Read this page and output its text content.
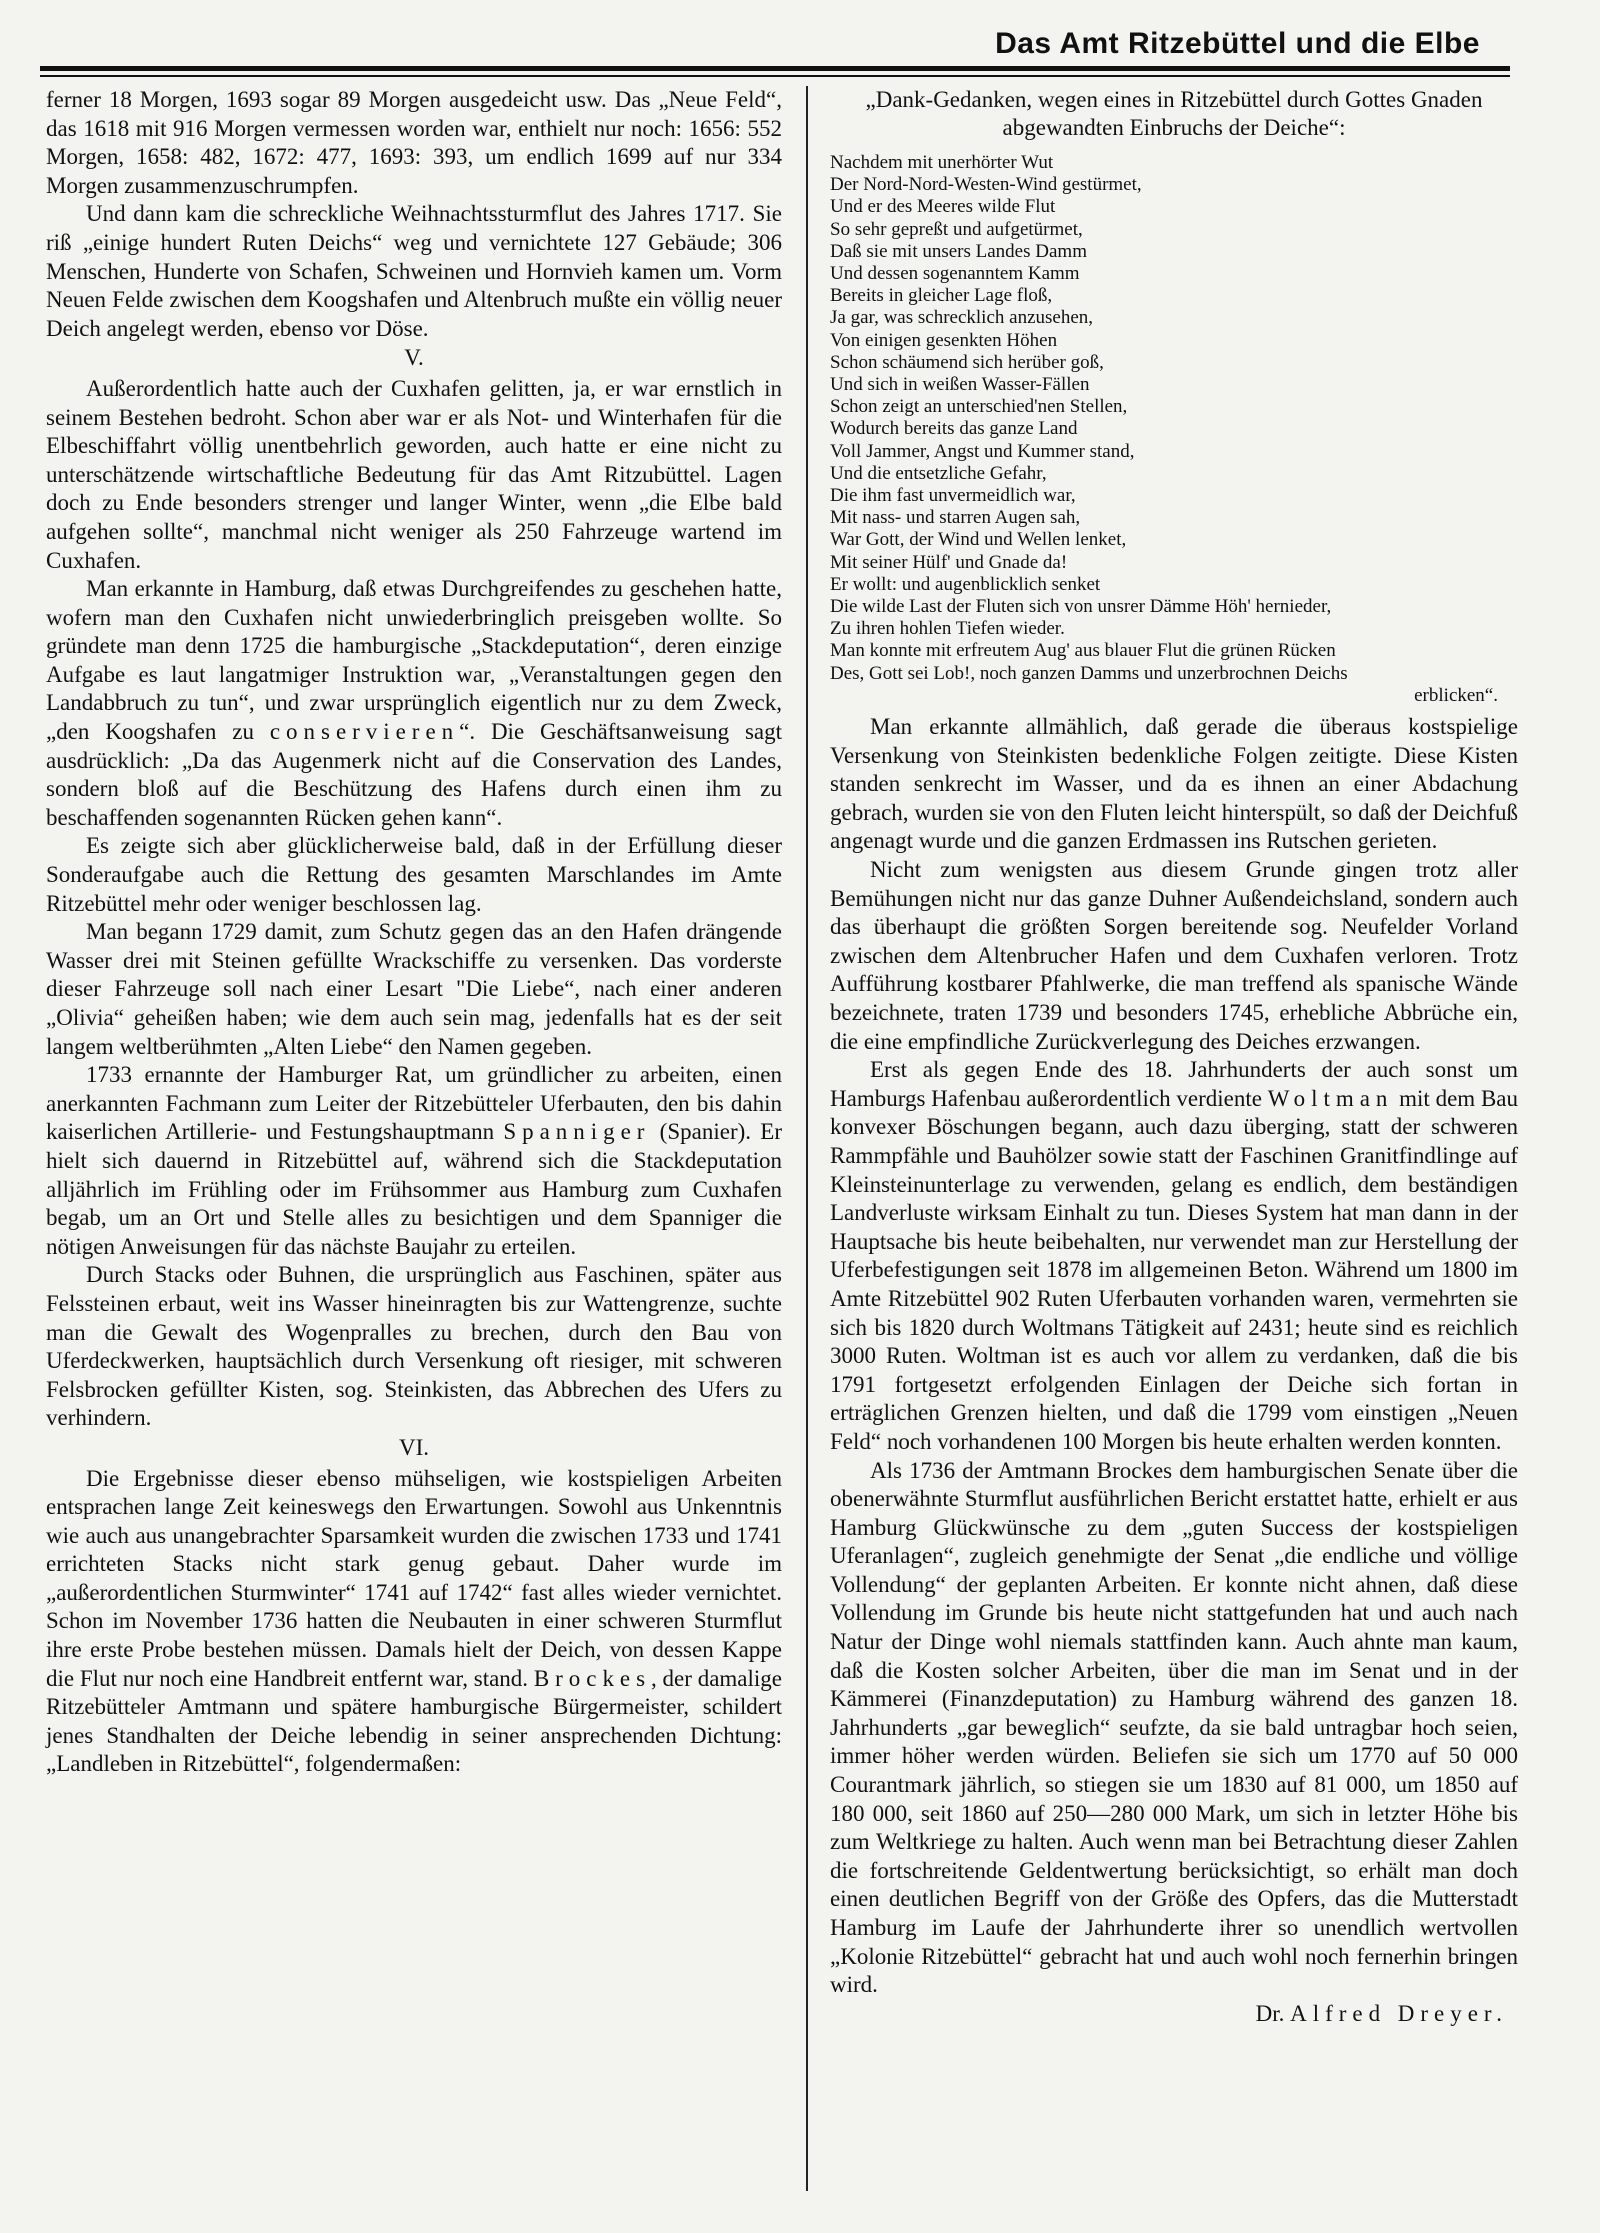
Das Amt Ritzebüttel und die Elbe

ferner 18 Morgen, 1693 sogar 89 Morgen ausgedeicht usw. Das „Neue Feld“, das 1618 mit 916 Morgen vermessen worden war, enthielt nur noch: 1656: 552 Morgen, 1658: 482, 1672: 477, 1693: 393, um endlich 1699 auf nur 334 Morgen zusammenzuschrumpfen.

Und dann kam die schreckliche Weihnachtssturmflut des Jahres 1717. Sie riß „einige hundert Ruten Deichs“ weg und vernichtete 127 Gebäude; 306 Menschen, Hunderte von Schafen, Schweinen und Hornvieh kamen um. Vorm Neuen Felde zwischen dem Koogshafen und Altenbruch mußte ein völlig neuer Deich angelegt werden, ebenso vor Döse.

V.

Außerordentlich hatte auch der Cuxhafen gelitten, ja, er war ernstlich in seinem Bestehen bedroht. Schon aber war er als Not- und Winterhafen für die Elbeschiffahrt völlig unentbehrlich geworden, auch hatte er eine nicht zu unterschätzende wirtschaftliche Bedeutung für das Amt Ritzubüttel. Lagen doch zu Ende besonders strenger und langer Winter, wenn „die Elbe bald aufgehen sollte“, manchmal nicht weniger als 250 Fahrzeuge wartend im Cuxhafen.

Man erkannte in Hamburg, daß etwas Durchgreifendes zu geschehen hatte, wofern man den Cuxhafen nicht unwiederbringlich preisgeben wollte. So gründete man denn 1725 die hamburgische „Stackdeputation“, deren einzige Aufgabe es laut langatmiger Instruktion war, „Veranstaltungen gegen den Landabbruch zu tun“, und zwar ursprünglich eigentlich nur zu dem Zweck, „den Koogshafen zu conservieren“. Die Geschäftsanweisung sagt ausdrücklich: „Da das Augenmerk nicht auf die Conservation des Landes, sondern bloß auf die Beschützung des Hafens durch einen ihm zu beschaffenden sogenannten Rücken gehen kann“.

Es zeigte sich aber glücklicherweise bald, daß in der Erfüllung dieser Sonderaufgabe auch die Rettung des gesamten Marschlandes im Amte Ritzebüttel mehr oder weniger beschlossen lag.

Man begann 1729 damit, zum Schutz gegen das an den Hafen drängende Wasser drei mit Steinen gefüllte Wrackschiffe zu versenken. Das vorderste dieser Fahrzeuge soll nach einer Lesart "Die Liebe“, nach einer anderen „Olivia“ geheißen haben; wie dem auch sein mag, jedenfalls hat es der seit langem weltberühmten „Alten Liebe“ den Namen gegeben.

1733 ernannte der Hamburger Rat, um gründlicher zu arbeiten, einen anerkannten Fachmann zum Leiter der Ritzebütteler Uferbauten, den bis dahin kaiserlichen Artillerie- und Festungshauptmann Spanniger (Spanier). Er hielt sich dauernd in Ritzebüttel auf, während sich die Stackdeputation alljährlich im Frühling oder im Frühsommer aus Hamburg zum Cuxhafen begab, um an Ort und Stelle alles zu besichtigen und dem Spanniger die nötigen Anweisungen für das nächste Baujahr zu erteilen.

Durch Stacks oder Buhnen, die ursprünglich aus Faschinen, später aus Felssteinen erbaut, weit ins Wasser hineinragten bis zur Wattengrenze, suchte man die Gewalt des Wogenpralles zu brechen, durch den Bau von Uferdeckwerken, hauptsächlich durch Versenkung oft riesiger, mit schweren Felsbrocken gefüllter Kisten, sog. Steinkisten, das Abbrechen des Ufers zu verhindern.

VI.

Die Ergebnisse dieser ebenso mühseligen, wie kostspieligen Arbeiten entsprachen lange Zeit keineswegs den Erwartungen. Sowohl aus Unkenntnis wie auch aus unangebrachter Sparsamkeit wurden die zwischen 1733 und 1741 errichteten Stacks nicht stark genug gebaut. Daher wurde im „außerordentlichen Sturmwinter“ 1741 auf 1742“ fast alles wieder vernichtet. Schon im November 1736 hatten die Neubauten in einer schweren Sturmflut ihre erste Probe bestehen müssen. Damals hielt der Deich, von dessen Kappe die Flut nur noch eine Handbreit entfernt war, stand. Brockes, der damalige Ritzebütteler Amtmann und spätere hamburgische Bürgermeister, schildert jenes Standhalten der Deiche lebendig in seiner ansprechenden Dichtung: „Landleben in Ritzebüttel“, folgendermaßen:

„Dank-Gedanken, wegen eines in Ritzebüttel durch Gottes Gnaden abgewandten Einbruchs der Deiche“:

Nachdem mit unerhörter Wut
Der Nord-Nord-Westen-Wind gestürmet,
Und er des Meeres wilde Flut
So sehr gepreßt und aufgetürmet,
Daß sie mit unsers Landes Damm
Und dessen sogenanntem Kamm
Bereits in gleicher Lage floß,
Ja gar, was schrecklich anzusehen,
Von einigen gesenkten Höhen
Schon schäumend sich herüber goß,
Und sich in weißen Wasser-Fällen
Schon zeigt an unterschied'nen Stellen,
Wodurch bereits das ganze Land
Voll Jammer, Angst und Kummer stand,
Und die entsetzliche Gefahr,
Die ihm fast unvermeidlich war,
Mit nass- und starren Augen sah,
War Gott, der Wind und Wellen lenket,
Mit seiner Hülf' und Gnade da!
Er wollt: und augenblicklich senket
Die wilde Last der Fluten sich von unsrer Dämme Höh' hernieder,
Zu ihren hohlen Tiefen wieder.
Man konnte mit erfreutem Aug' aus blauer Flut die grünen Rücken
Des, Gott sei Lob!, noch ganzen Damms und unzerbrochnen Deichs
erblicken“.

Man erkannte allmählich, daß gerade die überaus kostspielige Versenkung von Steinkisten bedenkliche Folgen zeitigte. Diese Kisten standen senkrecht im Wasser, und da es ihnen an einer Abdachung gebrach, wurden sie von den Fluten leicht hinterspült, so daß der Deichfuß angenagt wurde und die ganzen Erdmassen ins Rutschen gerieten.

Nicht zum wenigsten aus diesem Grunde gingen trotz aller Bemühungen nicht nur das ganze Duhner Außendeichsland, sondern auch das überhaupt die größten Sorgen bereitende sog. Neufelder Vorland zwischen dem Altenbrucher Hafen und dem Cuxhafen verloren. Trotz Aufführung kostbarer Pfahlwerke, die man treffend als spanische Wände bezeichnete, traten 1739 und besonders 1745, erhebliche Abbrüche ein, die eine empfindliche Zurückverlegung des Deiches erzwangen.

Erst als gegen Ende des 18. Jahrhunderts der auch sonst um Hamburgs Hafenbau außerordentlich verdiente Woltman mit dem Bau konvexer Böschungen begann, auch dazu überging, statt der schweren Rammpfähle und Bauhölzer sowie statt der Faschinen Granitfindlinge auf Kleinsteinunterlage zu verwenden, gelang es endlich, dem beständigen Landverluste wirksam Einhalt zu tun. Dieses System hat man dann in der Hauptsache bis heute beibehalten, nur verwendet man zur Herstellung der Uferbefestigungen seit 1878 im allgemeinen Beton. Während um 1800 im Amte Ritzebüttel 902 Ruten Uferbauten vorhanden waren, vermehrten sie sich bis 1820 durch Woltmans Tätigkeit auf 2431; heute sind es reichlich 3000 Ruten. Woltman ist es auch vor allem zu verdanken, daß die bis 1791 fortgesetzt erfolgenden Einlagen der Deiche sich fortan in erträglichen Grenzen hielten, und daß die 1799 vom einstigen „Neuen Feld“ noch vorhandenen 100 Morgen bis heute erhalten werden konnten.

Als 1736 der Amtmann Brockes dem hamburgischen Senate über die obenerwähnte Sturmflut ausführlichen Bericht erstattet hatte, erhielt er aus Hamburg Glückwünsche zu dem „guten Success der kostspieligen Uferanlagen“, zugleich genehmigte der Senat „die endliche und völlige Vollendung“ der geplanten Arbeiten. Er konnte nicht ahnen, daß diese Vollendung im Grunde bis heute nicht stattgefunden hat und auch nach Natur der Dinge wohl niemals stattfinden kann. Auch ahnte man kaum, daß die Kosten solcher Arbeiten, über die man im Senat und in der Kämmerei (Finanzdeputation) zu Hamburg während des ganzen 18. Jahrhunderts „gar beweglich“ seufzte, da sie bald untragbar hoch seien, immer höher werden würden. Beliefen sie sich um 1770 auf 50 000 Courantmark jährlich, so stiegen sie um 1830 auf 81 000, um 1850 auf 180 000, seit 1860 auf 250—280 000 Mark, um sich in letzter Höhe bis zum Weltkriege zu halten. Auch wenn man bei Betrachtung dieser Zahlen die fortschreitende Geldentwertung berücksichtigt, so erhält man doch einen deutlichen Begriff von der Größe des Opfers, das die Mutterstadt Hamburg im Laufe der Jahrhunderte ihrer so unendlich wertvollen „Kolonie Ritzebüttel“ gebracht hat und auch wohl noch fernerhin bringen wird.

Dr. Alfred Dreyer.
